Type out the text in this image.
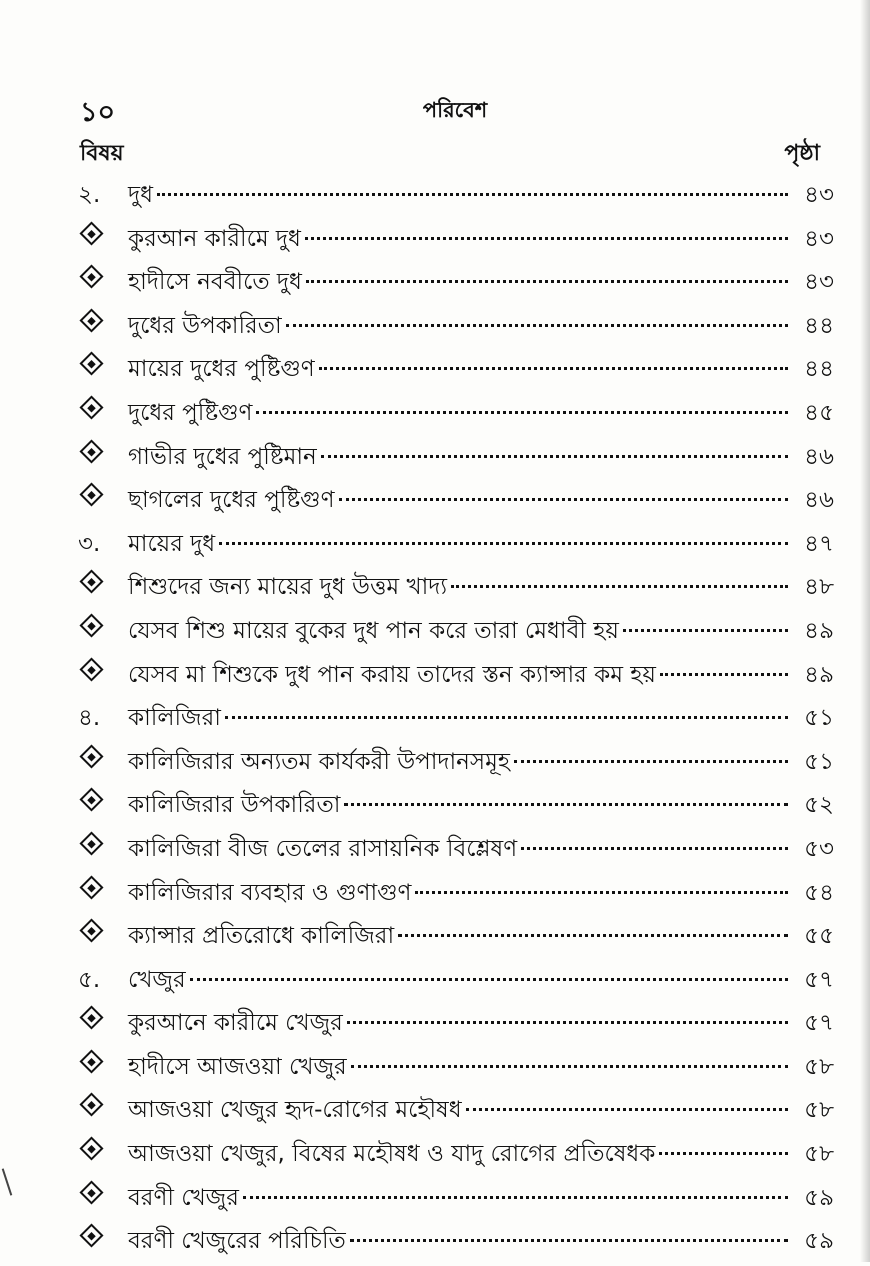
১০	পরিবেশ
বিষয়	পৃষ্ঠা
২. দুধ	৪৩
কুরআন কারীমে দুধ	৪৩
হাদীসে নববীতে দুধ	৪৩
দুধের উপকারিতা	৪৪
মায়ের দুধের পুষ্টিগুণ	৪৪
দুধের পুষ্টিগুণ	৪৫
গাভীর দুধের পুষ্টিমান	৪৬
ছাগলের দুধের পুষ্টিগুণ	৪৬
৩. মায়ের দুধ	৪৭
শিশুদের জন্য মায়ের দুধ উত্তম খাদ্য	৪৮
যেসব শিশু মায়ের বুকের দুধ পান করে তারা মেধাবী হয়	৪৯
যেসব মা শিশুকে দুধ পান করায় তাদের স্তন ক্যান্সার কম হয়	৪৯
৪. কালিজিরা	৫১
কালিজিরার অন্যতম কার্যকরী উপাদানসমূহ	৫১
কালিজিরার উপকারিতা	৫২
কালিজিরা বীজ তেলের রাসায়নিক বিশ্লেষণ	৫৩
কালিজিরার ব্যবহার ও গুণাগুণ	৫৪
ক্যান্সার প্রতিরোধে কালিজিরা	৫৫
৫. খেজুর	৫৭
কুরআনে কারীমে খেজুর	৫৭
হাদীসে আজওয়া খেজুর	৫৮
আজওয়া খেজুর হৃদ-রোগের মহৌষধ	৫৮
আজওয়া খেজুর, বিষের মহৌষধ ও যাদু রোগের প্রতিষেধক	৫৮
বরণী খেজুর	৫৯
বরণী খেজুরের পরিচিতি	৫৯
